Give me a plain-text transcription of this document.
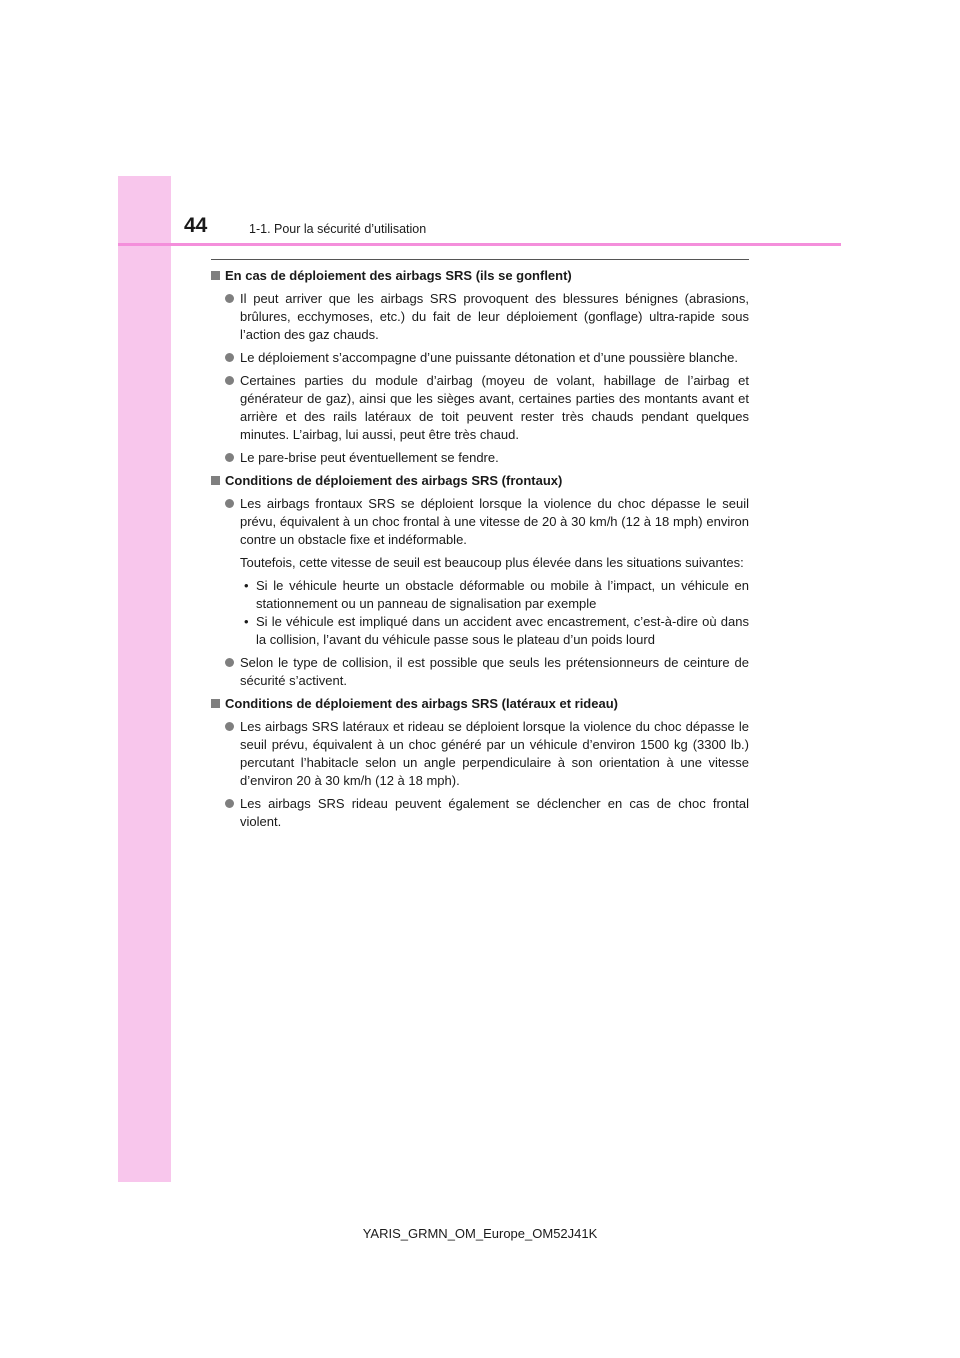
44	1-1. Pour la sécurité d’utilisation
En cas de déploiement des airbags SRS (ils se gonflent)
Il peut arriver que les airbags SRS provoquent des blessures bénignes (abrasions, brûlures, ecchymoses, etc.) du fait de leur déploiement (gonflage) ultra-rapide sous l’action des gaz chauds.
Le déploiement s’accompagne d’une puissante détonation et d’une poussière blanche.
Certaines parties du module d’airbag (moyeu de volant, habillage de l’airbag et générateur de gaz), ainsi que les sièges avant, certaines parties des montants avant et arrière et des rails latéraux de toit peuvent rester très chauds pendant quelques minutes. L’airbag, lui aussi, peut être très chaud.
Le pare-brise peut éventuellement se fendre.
Conditions de déploiement des airbags SRS (frontaux)
Les airbags frontaux SRS se déploient lorsque la violence du choc dépasse le seuil prévu, équivalent à un choc frontal à une vitesse de 20 à 30 km/h (12 à 18 mph) environ contre un obstacle fixe et indéformable.
Toutefois, cette vitesse de seuil est beaucoup plus élevée dans les situations suivantes:
• Si le véhicule heurte un obstacle déformable ou mobile à l’impact, un véhicule en stationnement ou un panneau de signalisation par exemple
• Si le véhicule est impliqué dans un accident avec encastrement, c’est-à-dire où dans la collision, l’avant du véhicule passe sous le plateau d’un poids lourd
Selon le type de collision, il est possible que seuls les prétensionneurs de ceinture de sécurité s’activent.
Conditions de déploiement des airbags SRS (latéraux et rideau)
Les airbags SRS latéraux et rideau se déploient lorsque la violence du choc dépasse le seuil prévu, équivalent à un choc généré par un véhicule d’environ 1500 kg (3300 lb.) percutant l’habitacle selon un angle perpendiculaire à son orientation à une vitesse d’environ 20 à 30 km/h (12 à 18 mph).
Les airbags SRS rideau peuvent également se déclencher en cas de choc frontal violent.
YARIS_GRMN_OM_Europe_OM52J41K
